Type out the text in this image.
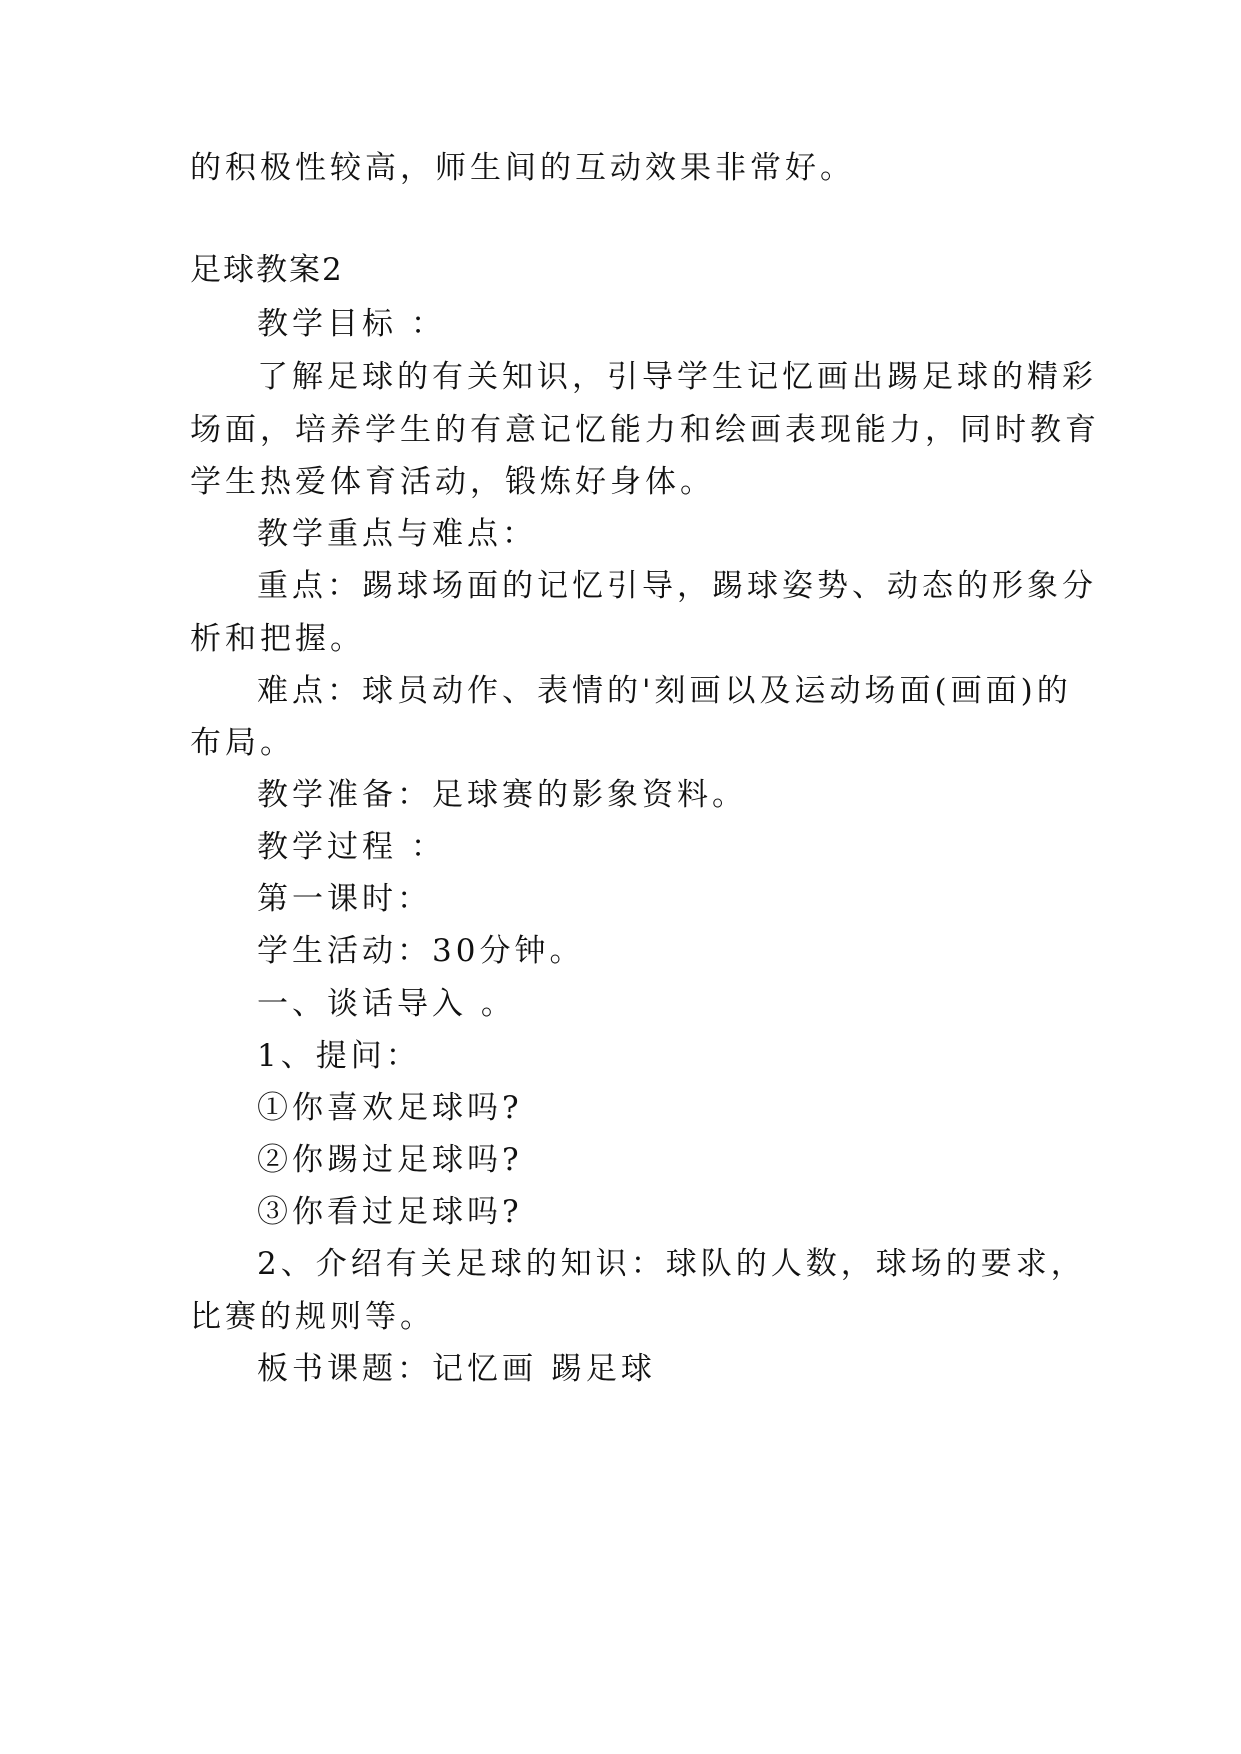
的积极性较高，师生间的互动效果非常好。
足球教案2
教学目标 ：
了解足球的有关知识，引导学生记忆画出踢足球的精彩
场面，培养学生的有意记忆能力和绘画表现能力，同时教育
学生热爱体育活动，锻炼好身体。
教学重点与难点：
重点：踢球场面的记忆引导，踢球姿势、动态的形象分
析和把握。
难点：球员动作、表情的'刻画以及运动场面(画面)的
布局。
教学准备：足球赛的影象资料。
教学过程 ：
第一课时：
学生活动：30分钟。
一、谈话导入 。
1、提问：
①你喜欢足球吗?
②你踢过足球吗?
③你看过足球吗?
2、介绍有关足球的知识：球队的人数，球场的要求，
比赛的规则等。
板书课题：记忆画 踢足球
